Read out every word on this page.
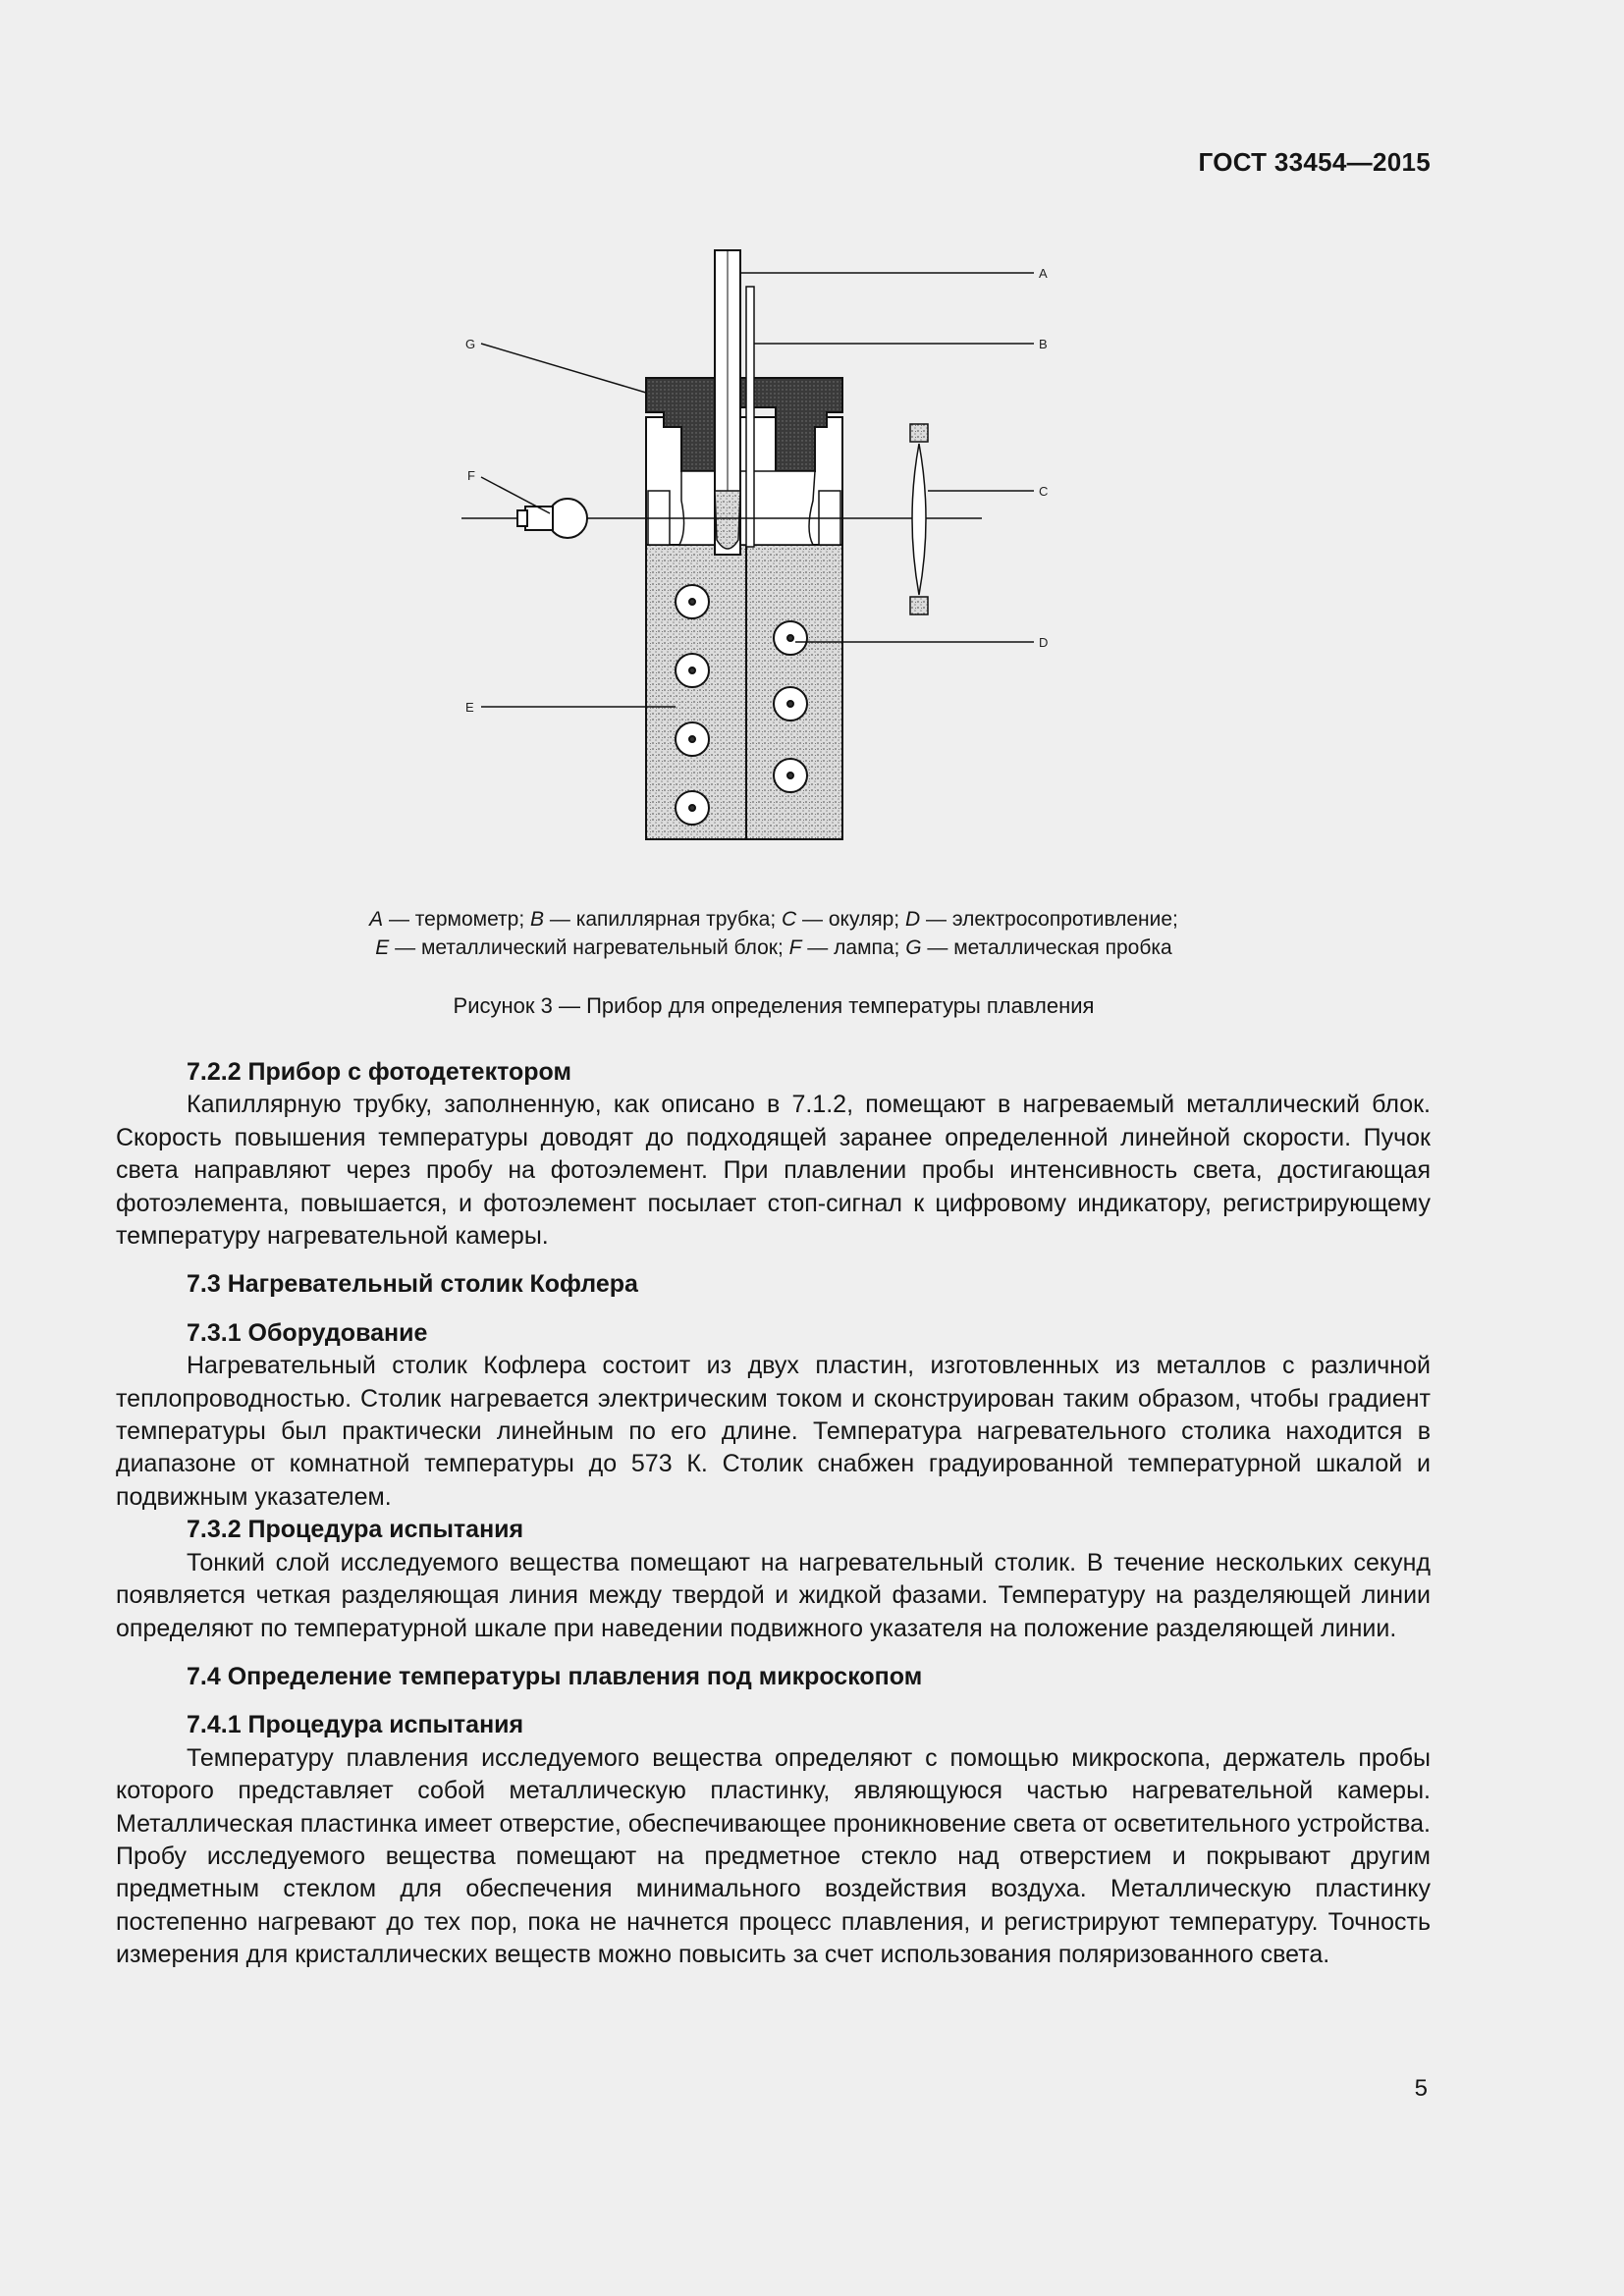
ГОСТ 33454—2015
A
B
C
D
E
F
G
A — термометр; B — капиллярная трубка; C — окуляр; D — электросопротивление;
E — металлический нагревательный блок; F — лампа; G — металлическая пробка
Рисунок 3 — Прибор для определения температуры плавления
7.2.2 Прибор с фотодетектором

Капиллярную трубку, заполненную, как описано в 7.1.2, помещают в нагреваемый металлический блок. Скорость повышения температуры доводят до подходящей заранее определенной линейной скорости. Пучок света направляют через пробу на фотоэлемент. При плавлении пробы интенсивность света, достигающая фотоэлемента, повышается, и фотоэлемент посылает стоп-сигнал к цифровому индикатору, регистрирующему температуру нагревательной камеры.

7.3 Нагревательный столик Кофлера
7.3.1 Оборудование

Нагревательный столик Кофлера состоит из двух пластин, изготовленных из металлов с различной теплопроводностью. Столик нагревается электрическим током и сконструирован таким образом, чтобы градиент температуры был практически линейным по его длине. Температура нагревательного столика находится в диапазоне от комнатной температуры до 573 К. Столик снабжен градуированной температурной шкалой и подвижным указателем.

7.3.2 Процедура испытания

Тонкий слой исследуемого вещества помещают на нагревательный столик. В течение нескольких секунд появляется четкая разделяющая линия между твердой и жидкой фазами. Температуру на разделяющей линии определяют по температурной шкале при наведении подвижного указателя на положение разделяющей линии.

7.4 Определение температуры плавления под микроскопом
7.4.1 Процедура испытания

Температуру плавления исследуемого вещества определяют с помощью микроскопа, держатель пробы которого представляет собой металлическую пластинку, являющуюся частью нагревательной камеры. Металлическая пластинка имеет отверстие, обеспечивающее проникновение света от осветительного устройства. Пробу исследуемого вещества помещают на предметное стекло над отверстием и покрывают другим предметным стеклом для обеспечения минимального воздействия воздуха. Металлическую пластинку постепенно нагревают до тех пор, пока не начнется процесс плавления, и регистрируют температуру. Точность измерения для кристаллических веществ можно повысить за счет использования поляризованного света.

5
